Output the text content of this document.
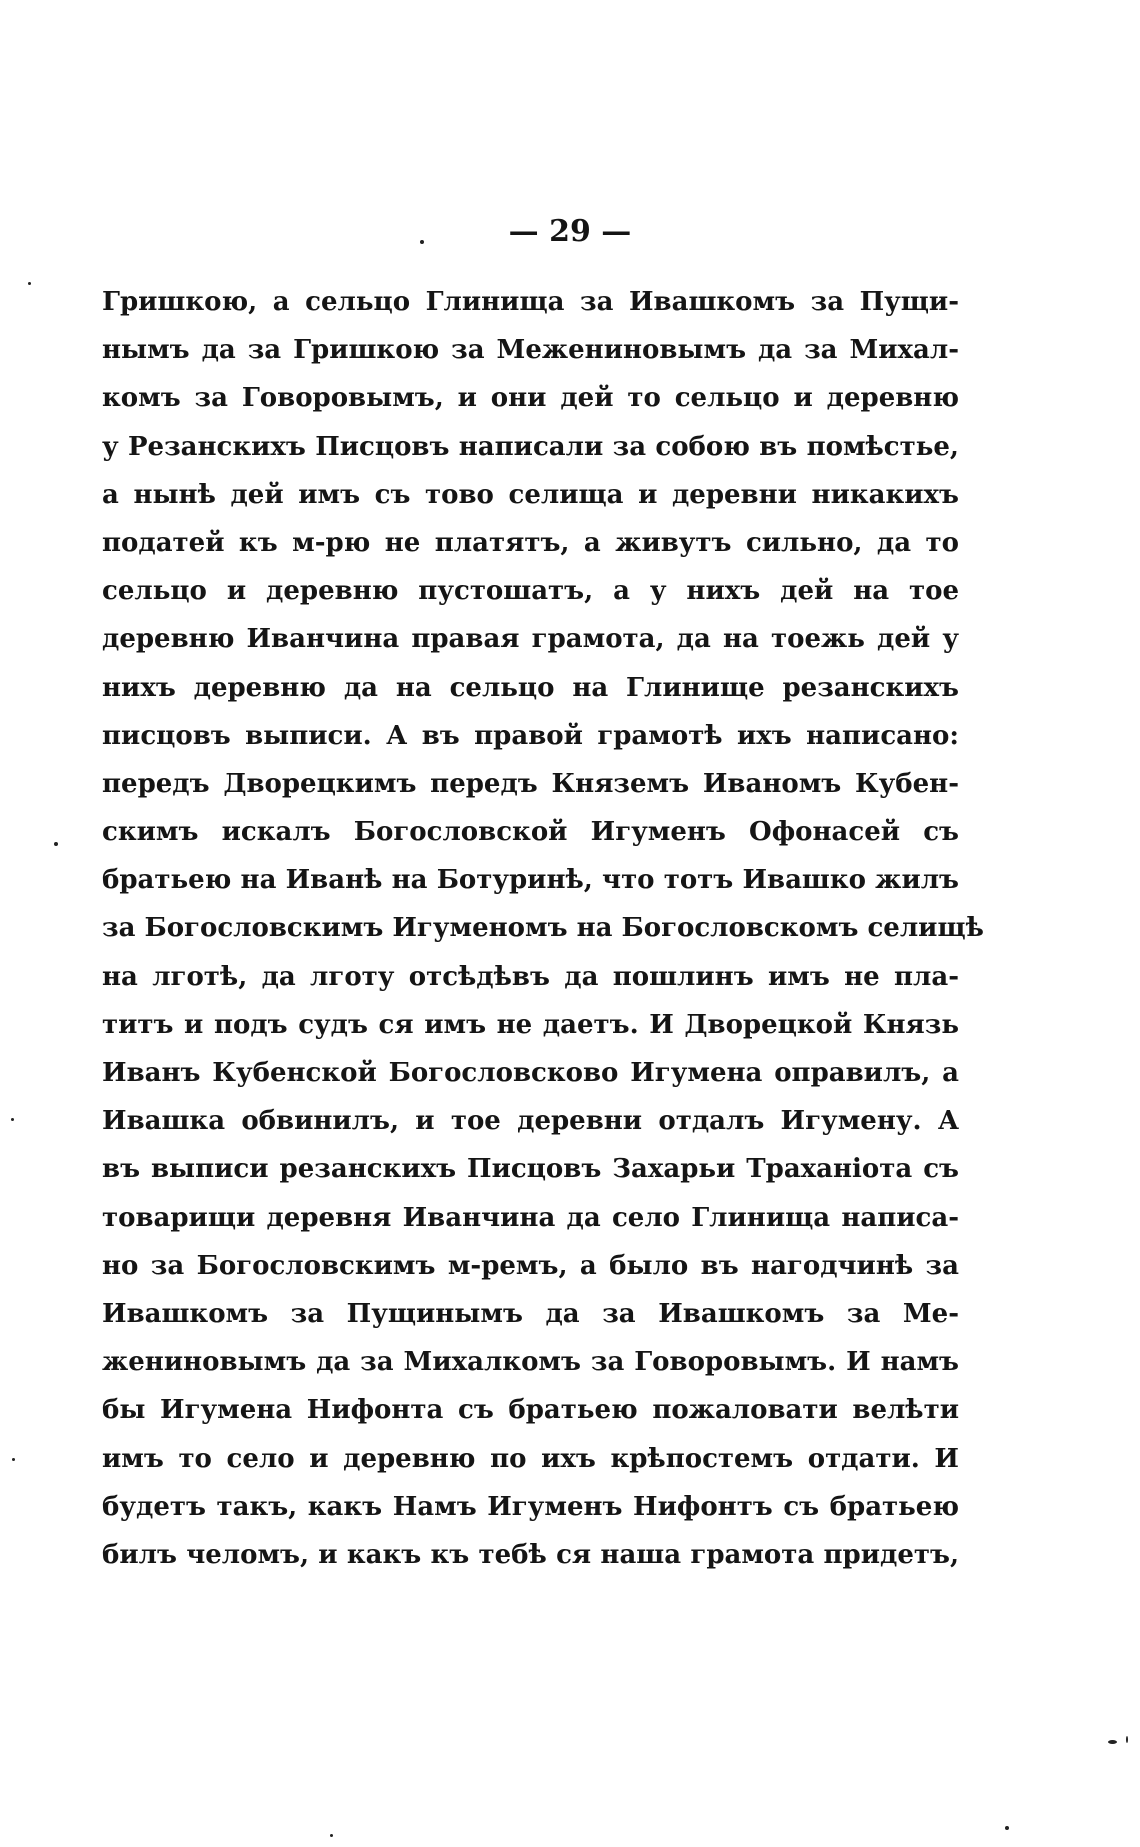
— 29 —
Гришкою, а сельцо Глинища за Ивашкомъ за Пущи-
нымъ да за Гришкою за Межениновымъ да за Михал-
комъ за Говоровымъ, и они дей то сельцо и деревню
у Резанскихъ Писцовъ написали за собою въ помѣстье,
а нынѣ дей имъ съ тово селища и деревни никакихъ
податей къ м-рю не платятъ, а живутъ сильно, да то
сельцо и деревню пустошатъ, а у нихъ дей на тое
деревню Иванчина правая грамота, да на тоежь дей у
нихъ деревню да на сельцо на Глинище резанскихъ
писцовъ выписи. А въ правой грамотѣ ихъ написано:
передъ Дворецкимъ передъ Княземъ Иваномъ Кубен-
скимъ искалъ Богословской Игуменъ Офонасей съ
братьею на Иванѣ на Ботуринѣ, что тотъ Ивашко жилъ
за Богословскимъ Игуменомъ на Богословскомъ селищѣ
на лготѣ, да лготу отсѣдѣвъ да пошлинъ имъ не пла-
титъ и подъ судъ ся имъ не даетъ. И Дворецкой Князь
Иванъ Кубенской Богословсково Игумена оправилъ, а
Ивашка обвинилъ, и тое деревни отдалъ Игумену. А
въ выписи резанскихъ Писцовъ Захарьи Траханіота съ
товарищи деревня Иванчина да село Глинища написа-
но за Богословскимъ м-ремъ, а было въ нагодчинѣ за
Ивашкомъ за Пущинымъ да за Ивашкомъ за Ме-
жениновымъ да за Михалкомъ за Говоровымъ. И намъ
бы Игумена Нифонта съ братьею пожаловати велѣти
имъ то село и деревню по ихъ крѣпостемъ отдати. И
будетъ такъ, какъ Намъ Игуменъ Нифонтъ съ братьею
билъ челомъ, и какъ къ тебѣ ся наша грамота придетъ,
